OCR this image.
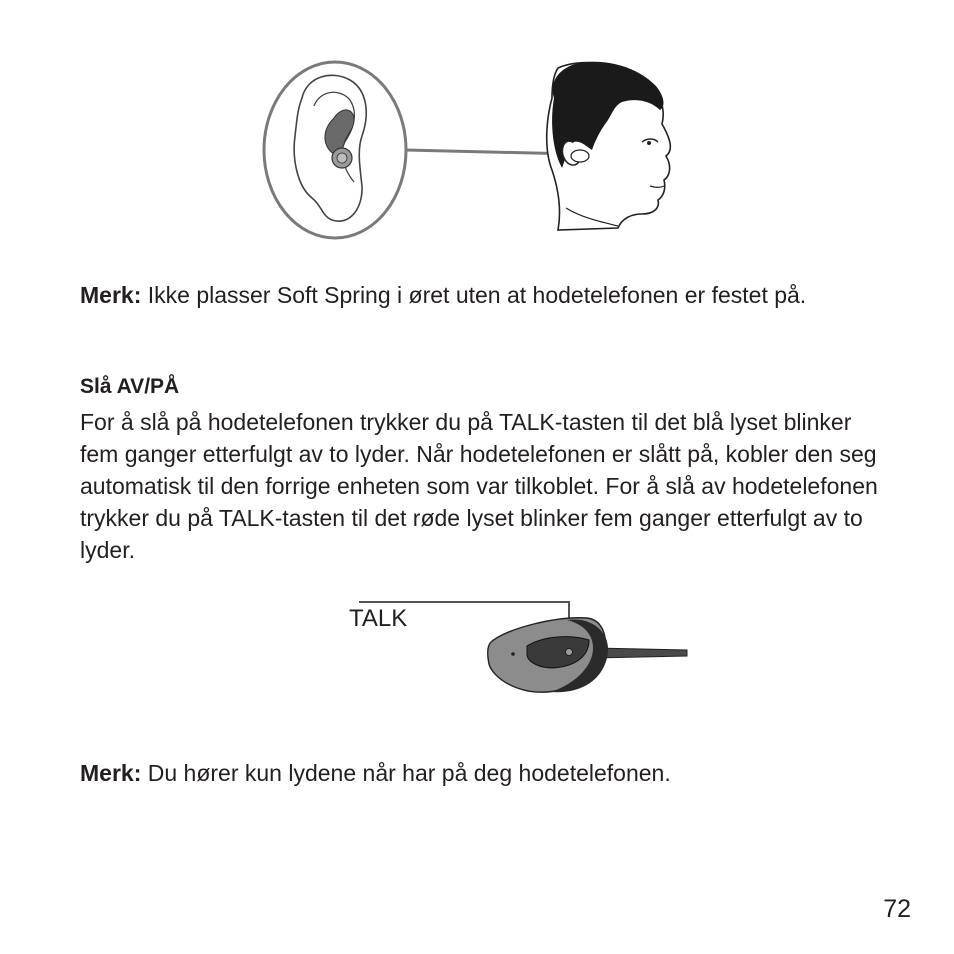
Merk: Ikke plasser Soft Spring i øret uten at hodetelefonen er festet på.

Slå AV/PÅ

For å slå på hodetelefonen trykker du på TALK-tasten til det blå lyset blinker fem ganger etterfulgt av to lyder. Når hodetelefonen er slått på, kobler den seg automatisk til den forrige enheten som var tilkoblet. For å slå av hodetelefonen trykker du på TALK-tasten til det røde lyset blinker fem ganger etterfulgt av to lyder.

TALK

Merk: Du hører kun lydene når har på deg hodetelefonen.

72
